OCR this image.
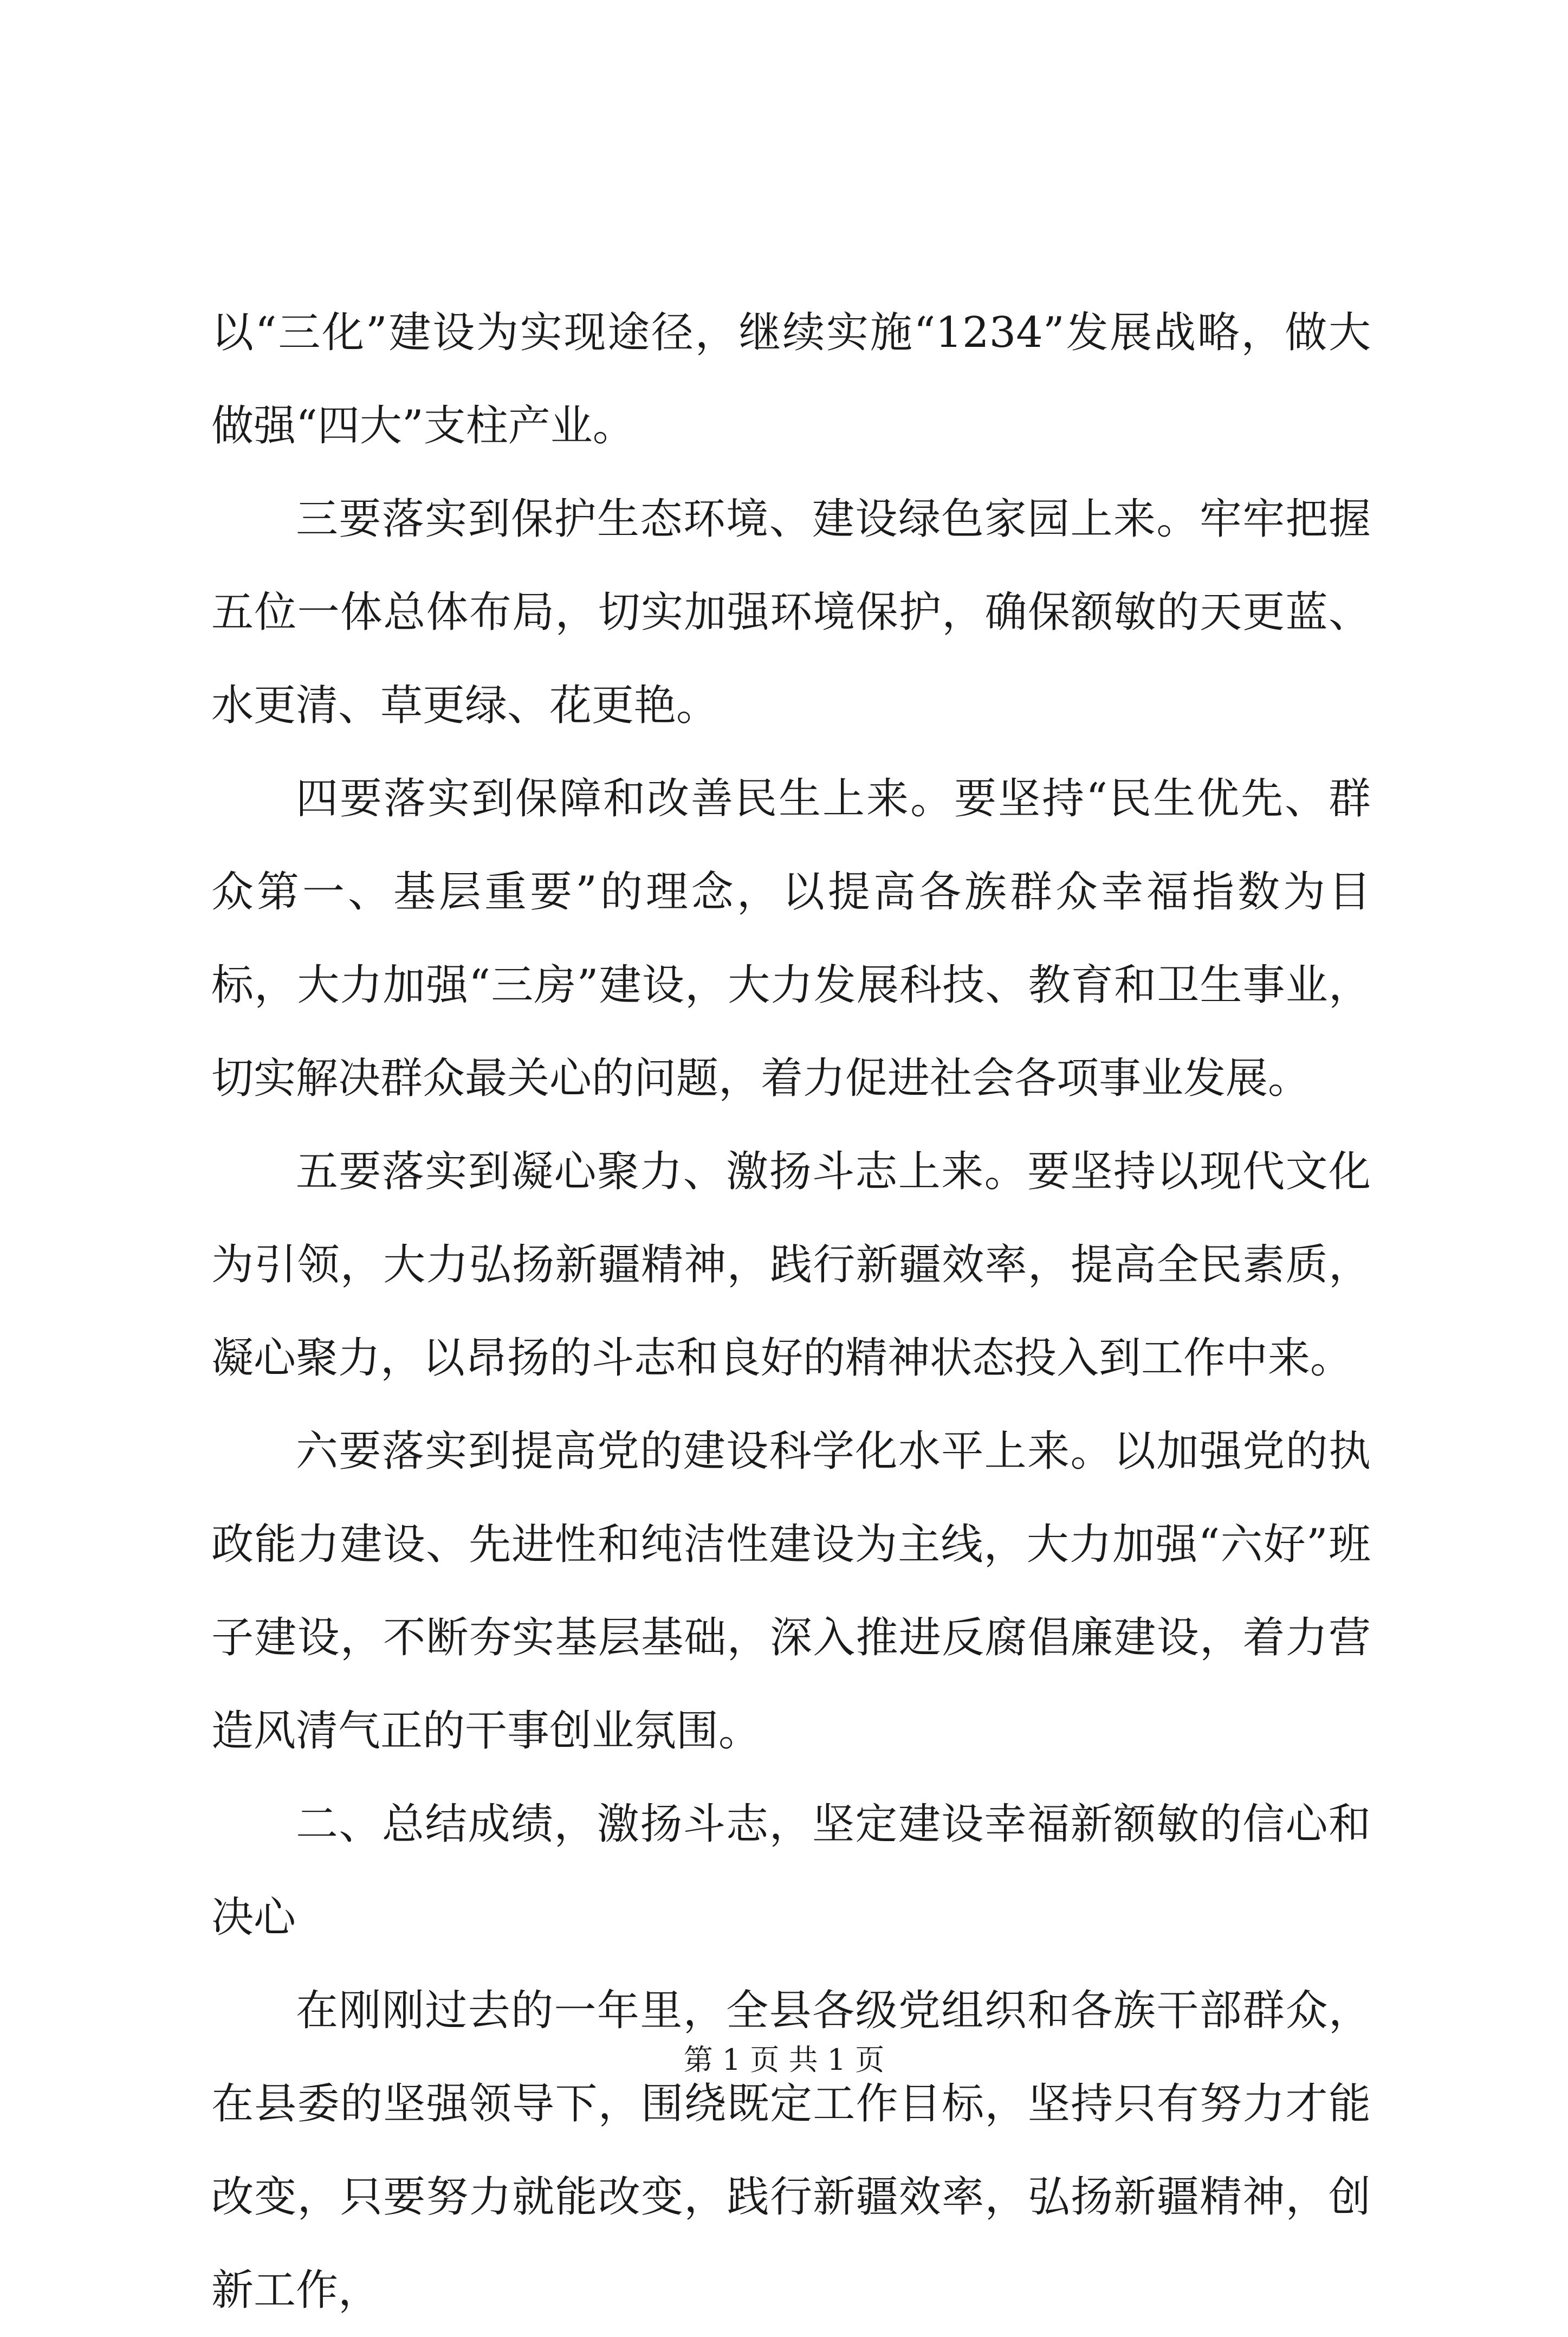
以“三化”建设为实现途径，继续实施“1234”发展战略，做大做强“四大”支柱产业。

三要落实到保护生态环境、建设绿色家园上来。牢牢把握五位一体总体布局，切实加强环境保护，确保额敏的天更蓝、水更清、草更绿、花更艳。

四要落实到保障和改善民生上来。要坚持“民生优先、群众第一、基层重要”的理念，以提高各族群众幸福指数为目标，大力加强“三房”建设，大力发展科技、教育和卫生事业，切实解决群众最关心的问题，着力促进社会各项事业发展。

五要落实到凝心聚力、激扬斗志上来。要坚持以现代文化为引领，大力弘扬新疆精神，践行新疆效率，提高全民素质，凝心聚力，以昂扬的斗志和良好的精神状态投入到工作中来。

六要落实到提高党的建设科学化水平上来。以加强党的执政能力建设、先进性和纯洁性建设为主线，大力加强“六好”班子建设，不断夯实基层基础，深入推进反腐倡廉建设，着力营造风清气正的干事创业氛围。

二、总结成绩，激扬斗志，坚定建设幸福新额敏的信心和决心

在刚刚过去的一年里，全县各级党组织和各族干部群众，在县委的坚强领导下，围绕既定工作目标，坚持只有努力才能改变，只要努力就能改变，践行新疆效率，弘扬新疆精神，创新工作，

第 1 页 共 1 页
